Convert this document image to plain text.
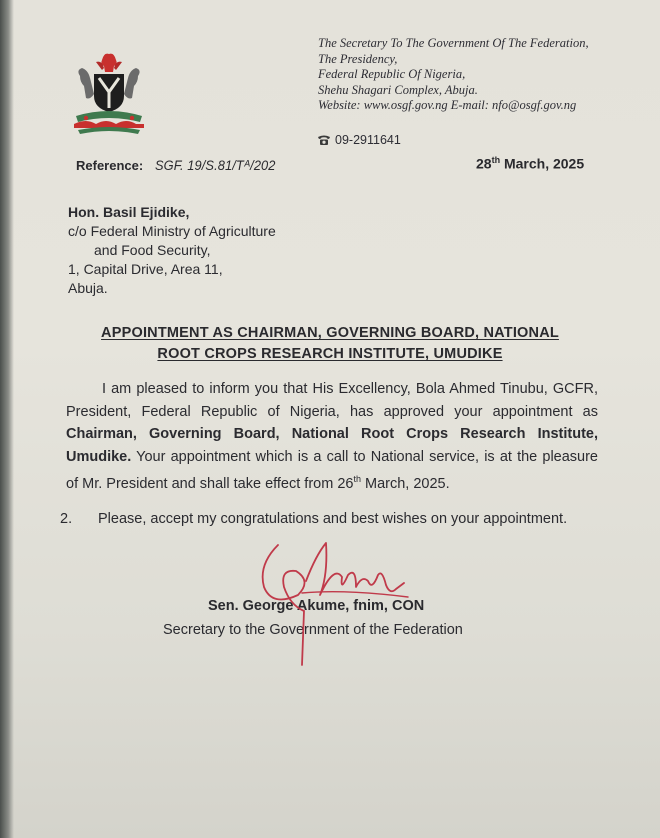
The Secretary To The Government Of The Federation,
The Presidency,
Federal Republic Of Nigeria,
Shehu Shagari Complex, Abuja.
Website: www.osgf.gov.ng E-mail: nfo@osgf.gov.ng
09-2911641
Reference: SGF. 19/S.81/Tᴬ/202	28th March, 2025
Hon. Basil Ejidike,
c/o Federal Ministry of Agriculture
and Food Security,
1, Capital Drive, Area 11,
Abuja.
APPOINTMENT AS CHAIRMAN, GOVERNING BOARD, NATIONAL
ROOT CROPS RESEARCH INSTITUTE, UMUDIKE
I am pleased to inform you that His Excellency, Bola Ahmed Tinubu, GCFR, President, Federal Republic of Nigeria, has approved your appointment as Chairman, Governing Board, National Root Crops Research Institute, Umudike. Your appointment which is a call to National service, is at the pleasure of Mr. President and shall take effect from 26th March, 2025.
2.	Please, accept my congratulations and best wishes on your appointment.
Sen. George Akume, fnim, CON
Secretary to the Government of the Federation
